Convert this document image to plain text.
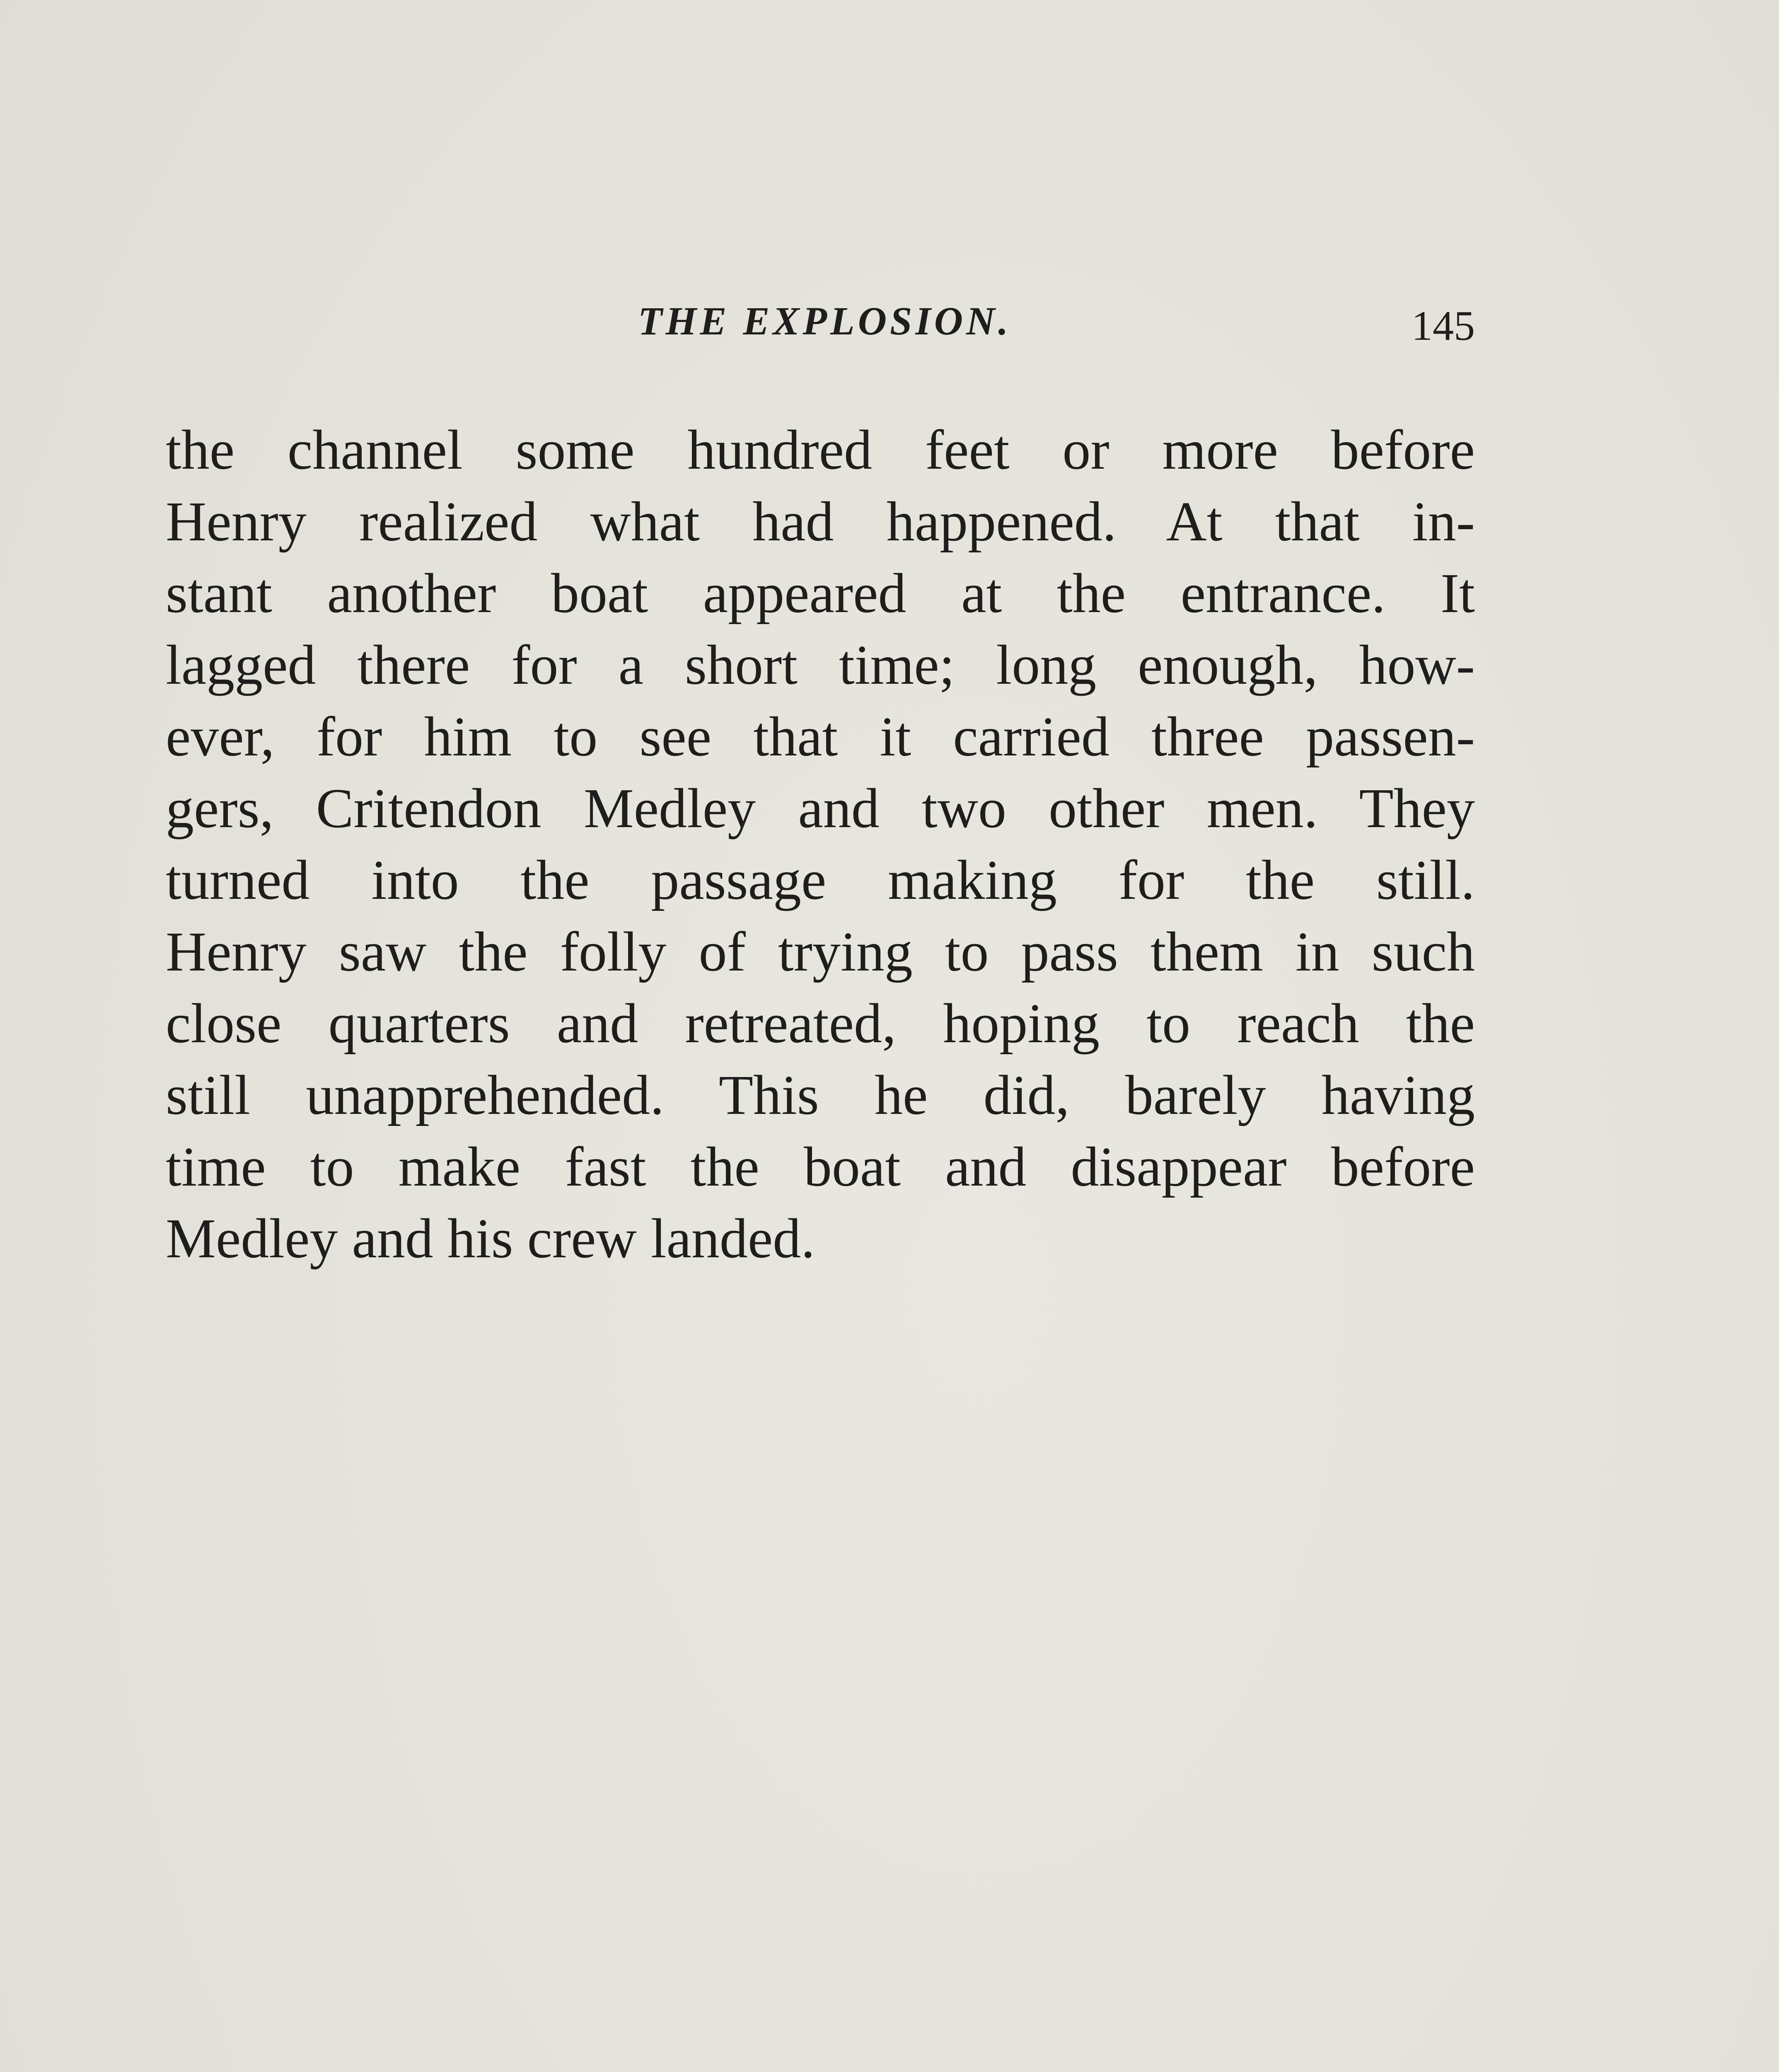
THE EXPLOSION.	145
the channel some hundred feet or more before
Henry realized what had happened. At that in-
stant another boat appeared at the entrance. It
lagged there for a short time; long enough, how-
ever, for him to see that it carried three passen-
gers, Critendon Medley and two other men. They
turned into the passage making for the still.
Henry saw the folly of trying to pass them in such
close quarters and retreated, hoping to reach the
still unapprehended. This he did, barely having
time to make fast the boat and disappear before
Medley and his crew landed.
